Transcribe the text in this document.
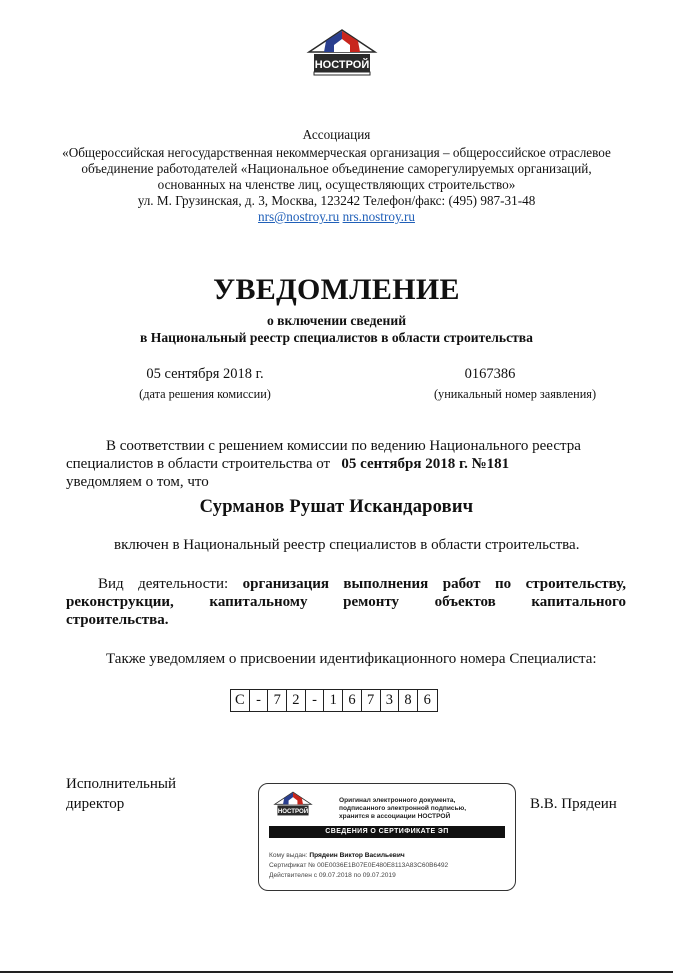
НОСТРОЙ
Ассоциация
«Общероссийская негосударственная некоммерческая организация – общероссийское отраслевое
объединение работодателей «Национальное объединение саморегулируемых организаций,
основанных на членстве лиц, осуществляющих строительство»
ул. М. Грузинская, д. 3, Москва, 123242 Телефон/факс: (495) 987-31-48
nrs@nostroy.ru nrs.nostroy.ru
УВЕДОМЛЕНИЕ
о включении сведений
в Национальный реестр специалистов в области строительства
05 сентября 2018 г.
(дата решения комиссии)
0167386
(уникальный номер заявления)
В соответствии с решением комиссии по ведению Национального реестра
специалистов в области строительства от 05 сентября 2018 г. №181
уведомляем о том, что
Сурманов Рушат Искандарович
включен в Национальный реестр специалистов в области строительства.
Вид деятельности: организация выполнения работ по строительству,
реконструкции, капитальному ремонту объектов капитального
строительства.
Также уведомляем о присвоении идентификационного номера Специалиста:
С - 7 2 - 1 6 7 3 8 6
Исполнительный
директор	В.В. Прядеин
НОСТРОЙ
Оригинал электронного документа,
подписанного электронной подписью,
хранится в ассоциации НОСТРОЙ
СВЕДЕНИЯ О СЕРТИФИКАТЕ ЭП
Кому выдан: Прядеин Виктор Васильевич
Сертификат № 00E0036E1B07E0E480E8113A83C60B6492
Действителен с 09.07.2018 по 09.07.2019
